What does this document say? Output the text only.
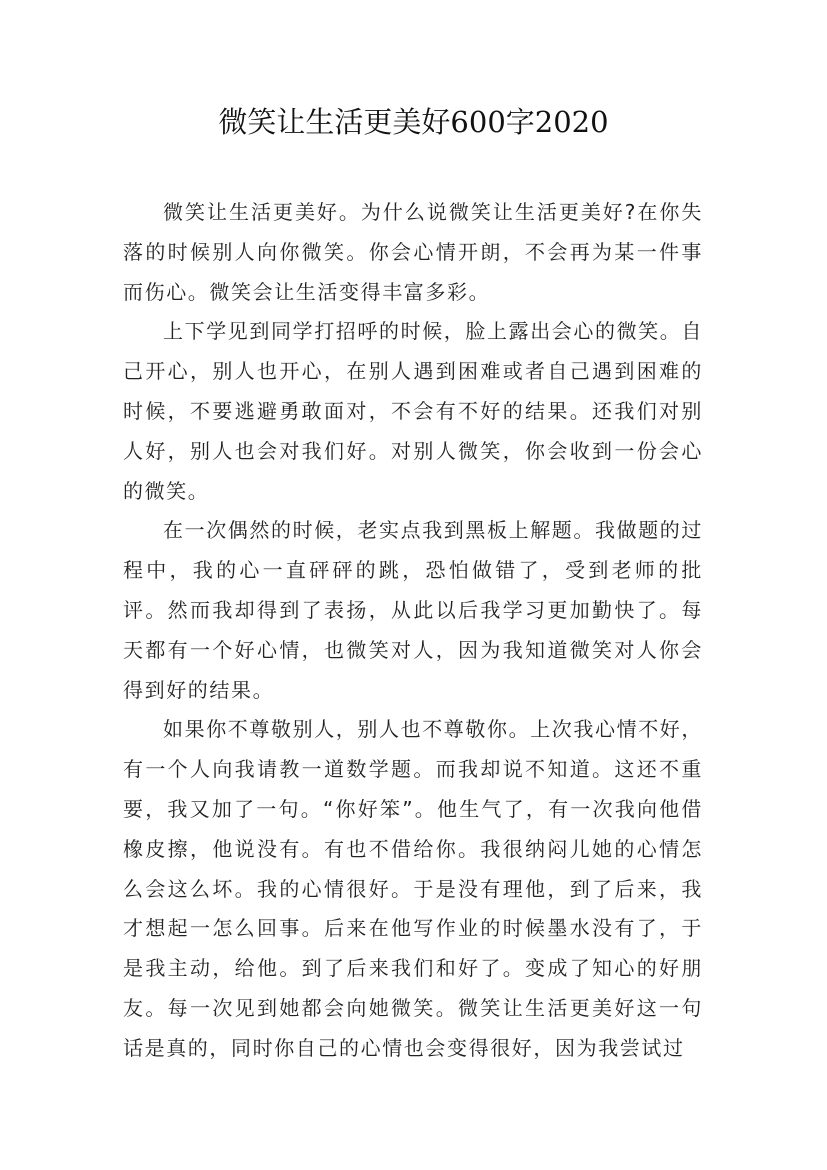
微笑让生活更美好600字2020

微笑让生活更美好。为什么说微笑让生活更美好?在你失落的时候别人向你微笑。你会心情开朗，不会再为某一件事而伤心。微笑会让生活变得丰富多彩。

上下学见到同学打招呼的时候，脸上露出会心的微笑。自己开心，别人也开心，在别人遇到困难或者自己遇到困难的时候，不要逃避勇敢面对，不会有不好的结果。还我们对别人好，别人也会对我们好。对别人微笑，你会收到一份会心的微笑。

在一次偶然的时候，老实点我到黑板上解题。我做题的过程中，我的心一直砰砰的跳，恐怕做错了，受到老师的批评。然而我却得到了表扬，从此以后我学习更加勤快了。每天都有一个好心情，也微笑对人，因为我知道微笑对人你会得到好的结果。

如果你不尊敬别人，别人也不尊敬你。上次我心情不好，有一个人向我请教一道数学题。而我却说不知道。这还不重要，我又加了一句。“你好笨”。他生气了，有一次我向他借橡皮擦，他说没有。有也不借给你。我很纳闷儿她的心情怎么会这么坏。我的心情很好。于是没有理他，到了后来，我才想起一怎么回事。后来在他写作业的时候墨水没有了，于是我主动，给他。到了后来我们和好了。变成了知心的好朋友。每一次见到她都会向她微笑。微笑让生活更美好这一句话是真的，同时你自己的心情也会变得很好，因为我尝试过
